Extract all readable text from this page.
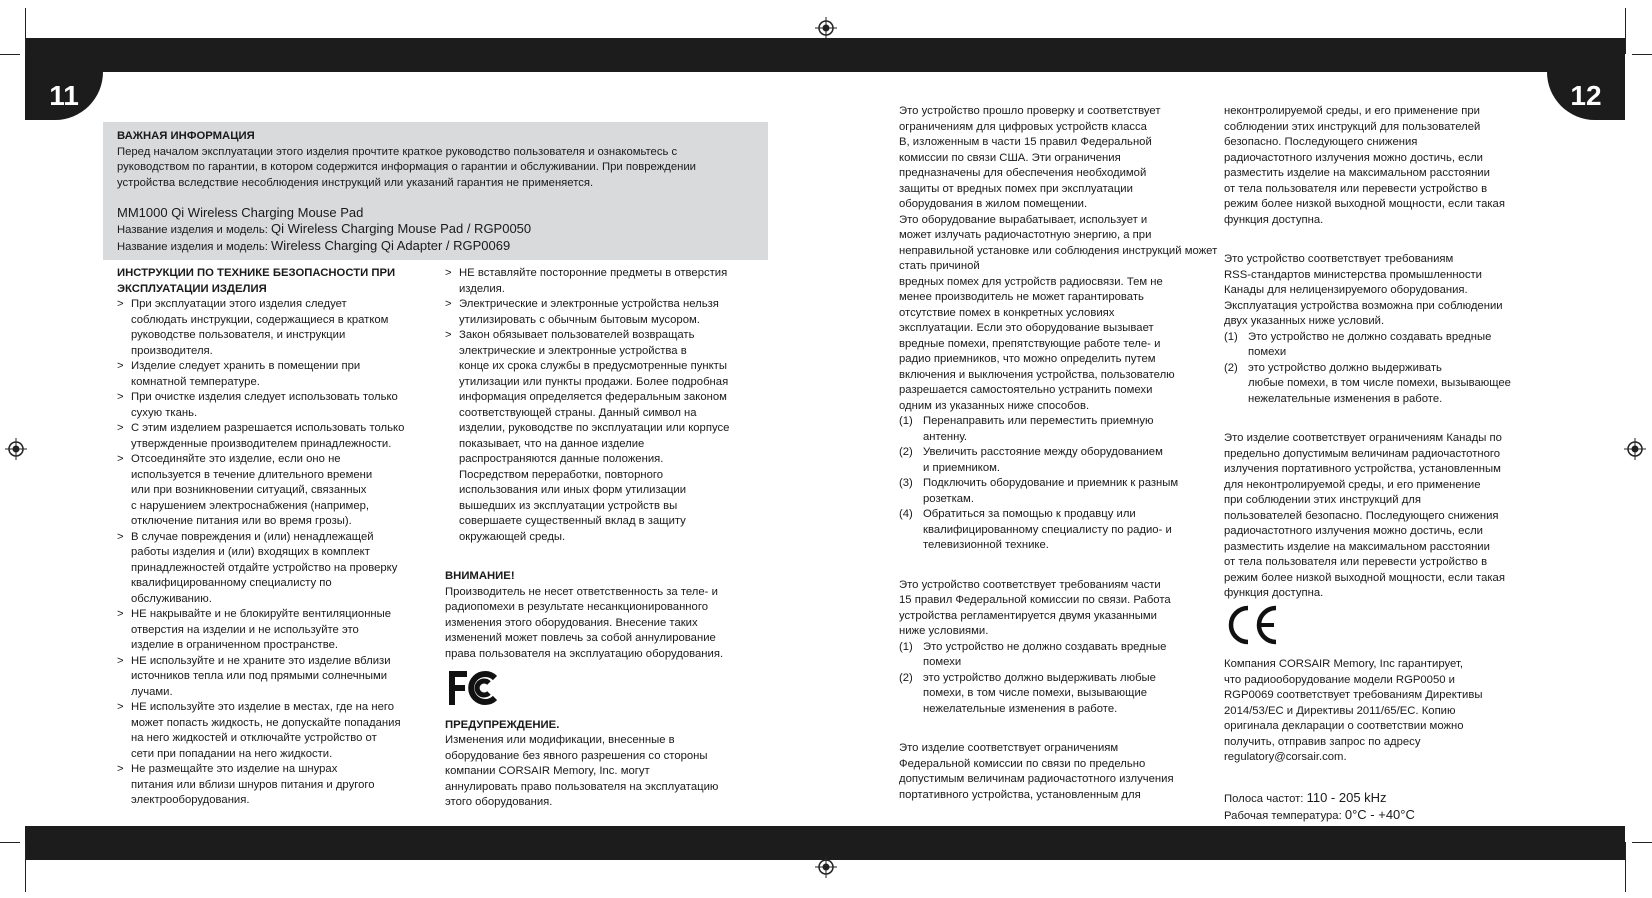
11	12
ВАЖНАЯ ИНФОРМАЦИЯ
Перед началом эксплуатации этого изделия прочтите краткое руководство пользователя и ознакомьтесь с
руководством по гарантии, в котором содержится информация о гарантии и обслуживании. При повреждении
устройства вследствие несоблюдения инструкций или указаний гарантия не применяется.
MM1000 Qi Wireless Charging Mouse Pad
Название изделия и модель: Qi Wireless Charging Mouse Pad / RGP0050
Название изделия и модель: Wireless Charging Qi Adapter / RGP0069
ИНСТРУКЦИИ ПО ТЕХНИКЕ БЕЗОПАСНОСТИ ПРИ
ЭКСПЛУАТАЦИИ ИЗДЕЛИЯ
> При эксплуатации этого изделия следует
соблюдать инструкции, содержащиеся в кратком
руководстве пользователя, и инструкции
производителя.
> Изделие следует хранить в помещении при
комнатной температуре.
> При очистке изделия следует использовать только
сухую ткань.
> С этим изделием разрешается использовать только
утвержденные производителем принадлежности.
> Отсоединяйте это изделие, если оно не
используется в течение длительного времени
или при возникновении ситуаций, связанных
с нарушением электроснабжения (например,
отключение питания или во время грозы).
> В случае повреждения и (или) ненадлежащей
работы изделия и (или) входящих в комплект
принадлежностей отдайте устройство на проверку
квалифицированному специалисту по
обслуживанию.
> НЕ накрывайте и не блокируйте вентиляционные
отверстия на изделии и не используйте это
изделие в ограниченном пространстве.
> НЕ используйте и не храните это изделие вблизи
источников тепла или под прямыми солнечными
лучами.
> НЕ используйте это изделие в местах, где на него
может попасть жидкость, не допускайте попадания
на него жидкостей и отключайте устройство от
сети при попадании на него жидкости.
> Не размещайте это изделие на шнурах
питания или вблизи шнуров питания и другого
электрооборудования.
> НЕ вставляйте посторонние предметы в отверстия
изделия.
> Электрические и электронные устройства нельзя
утилизировать с обычным бытовым мусором.
> Закон обязывает пользователей возвращать
электрические и электронные устройства в
конце их срока службы в предусмотренные пункты
утилизации или пункты продажи. Более подробная
информация определяется федеральным законом
соответствующей страны. Данный символ на
изделии, руководстве по эксплуатации или корпусе
показывает, что на данное изделие
распространяются данные положения.
Посредством переработки, повторного
использования или иных форм утилизации
вышедших из эксплуатации устройств вы
совершаете существенный вклад в защиту
окружающей среды.
ВНИМАНИЕ!
Производитель не несет ответственность за теле- и
радиопомехи в результате несанкционированного
изменения этого оборудования. Внесение таких
изменений может повлечь за собой аннулирование
права пользователя на эксплуатацию оборудования.
ПРЕДУПРЕЖДЕНИЕ.
Изменения или модификации, внесенные в
оборудование без явного разрешения со стороны
компании CORSAIR Memory, Inc. могут
аннулировать право пользователя на эксплуатацию
этого оборудования.
Это устройство прошло проверку и соответствует
ограничениям для цифровых устройств класса
B, изложенным в части 15 правил Федеральной
комиссии по связи США. Эти ограничения
предназначены для обеспечения необходимой
защиты от вредных помех при эксплуатации
оборудования в жилом помещении.
Это оборудование вырабатывает, использует и
может излучать радиочастотную энергию, а при
неправильной установке или соблюдения инструкций может стать причиной
вредных помех для устройств радиосвязи. Тем не
менее производитель не может гарантировать
отсутствие помех в конкретных условиях
эксплуатации. Если это оборудование вызывает
вредные помехи, препятствующие работе теле- и
радио приемников, что можно определить путем
включения и выключения устройства, пользователю
разрешается самостоятельно устранить помехи
одним из указанных ниже способов.
(1) Перенаправить или переместить приемную
антенну.
(2) Увеличить расстояние между оборудованием
и приемником.
(3) Подключить оборудование и приемник к разным
розеткам.
(4) Обратиться за помощью к продавцу или
квалифицированному специалисту по радио- и
телевизионной технике.
Это устройство соответствует требованиям части
15 правил Федеральной комиссии по связи. Работа
устройства регламентируется двумя указанными
ниже условиями.
(1) Это устройство не должно создавать вредные
помехи
(2) это устройство должно выдерживать любые
помехи, в том числе помехи, вызывающие
нежелательные изменения в работе.
Это изделие соответствует ограничениям
Федеральной комиссии по связи по предельно
допустимым величинам радиочастотного излучения
портативного устройства, установленным для
неконтролируемой среды, и его применение при
соблюдении этих инструкций для пользователей
безопасно. Последующего снижения
радиочастотного излучения можно достичь, если
разместить изделие на максимальном расстоянии
от тела пользователя или перевести устройство в
режим более низкой выходной мощности, если такая
функция доступна.
Это устройство соответствует требованиям
RSS-стандартов министерства промышленности
Канады для нелицензируемого оборудования.
Эксплуатация устройства возможна при соблюдении
двух указанных ниже условий.
(1) Это устройство не должно создавать вредные
помехи
(2) это устройство должно выдерживать
любые помехи, в том числе помехи, вызывающее
нежелательные изменения в работе.
Это изделие соответствует ограничениям Канады по
предельно допустимым величинам радиочастотного
излучения портативного устройства, установленным
для неконтролируемой среды, и его применение
при соблюдении этих инструкций для
пользователей безопасно. Последующего снижения
радиочастотного излучения можно достичь, если
разместить изделие на максимальном расстоянии
от тела пользователя или перевести устройство в
режим более низкой выходной мощности, если такая
функция доступна.
Компания CORSAIR Memory, Inc гарантирует,
что радиооборудование модели RGP0050 и
RGP0069 соответствует требованиям Директивы
2014/53/EC и Директивы 2011/65/EC. Копию
оригинала декларации о соответствии можно
получить, отправив запрос по адресу
regulatory@corsair.com.
Полоса частот: 110 - 205 kHz
Рабочая температура: 0°C - +40°C
